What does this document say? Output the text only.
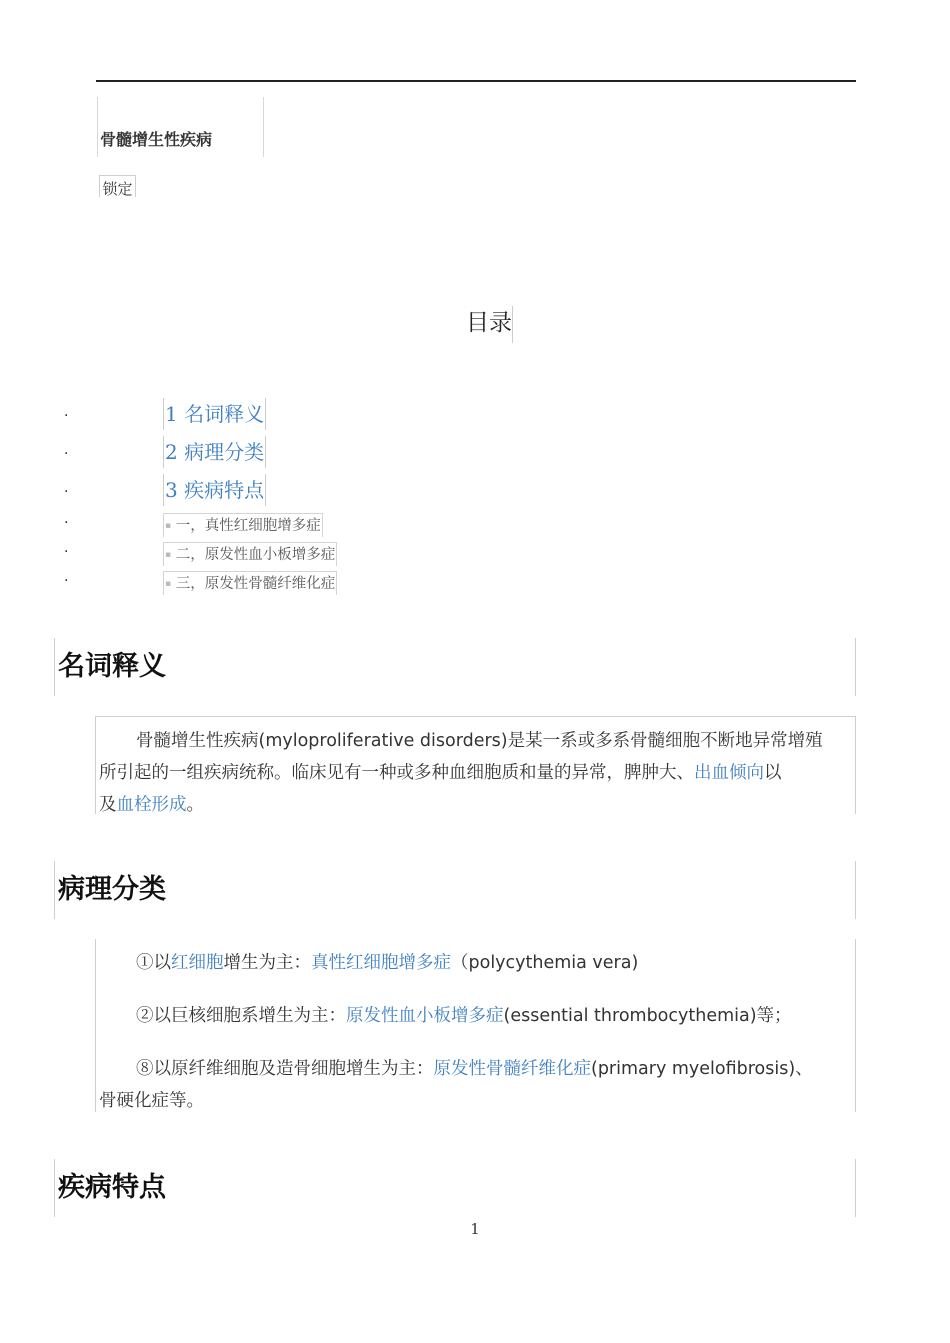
骨髓增生性疾病
锁定
目录
·
·
·
·
·
·
1 名词释义
2 病理分类
3 疾病特点
▪ 一，真性红细胞增多症
▪ 二，原发性血小板增多症
▪ 三，原发性骨髓纤维化症
名词释义
骨髓增生性疾病(myloproliferative disorders)是某一系或多系骨髓细胞不断地异常增殖
所引起的一组疾病统称。临床见有一种或多种血细胞质和量的异常，脾肿大、出血倾向以
及血栓形成。
病理分类
①以红细胞增生为主：真性红细胞增多症（polycythemia vera)
②以巨核细胞系增生为主：原发性血小板增多症(essential thrombocythemia)等；
⑧以原纤维细胞及造骨细胞增生为主：原发性骨髓纤维化症(primary myelofibrosis)、
骨硬化症等。
疾病特点
1
